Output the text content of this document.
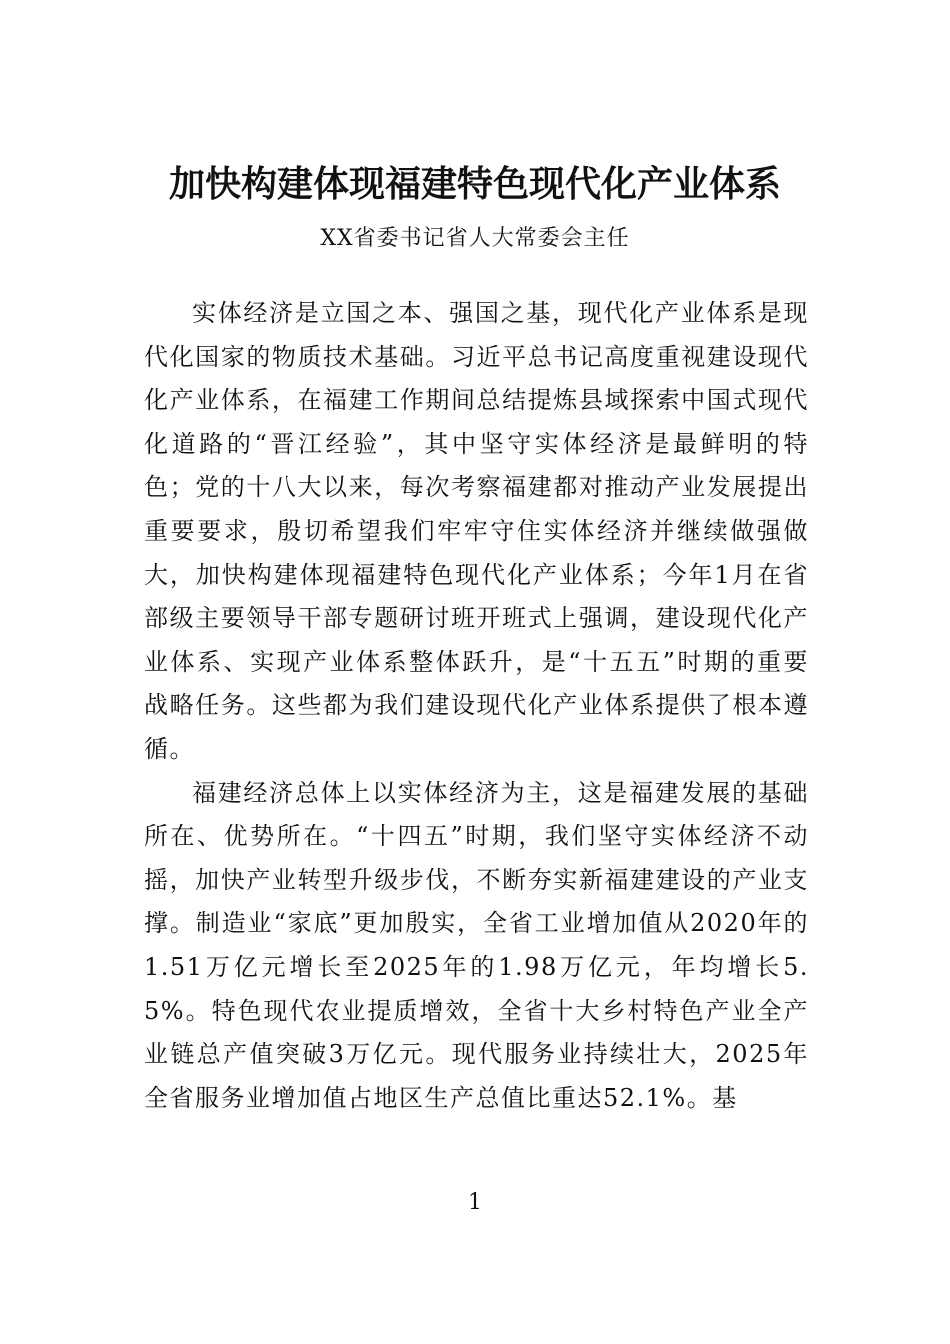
加快构建体现福建特色现代化产业体系
XX省委书记省人大常委会主任

实体经济是立国之本、强国之基，现代化产业体系是现代化国家的物质技术基础。习近平总书记高度重视建设现代化产业体系，在福建工作期间总结提炼县域探索中国式现代化道路的“晋江经验”，其中坚守实体经济是最鲜明的特色；党的十八大以来，每次考察福建都对推动产业发展提出重要要求，殷切希望我们牢牢守住实体经济并继续做强做大，加快构建体现福建特色现代化产业体系；今年1月在省部级主要领导干部专题研讨班开班式上强调，建设现代化产业体系、实现产业体系整体跃升，是“十五五”时期的重要战略任务。这些都为我们建设现代化产业体系提供了根本遵循。

福建经济总体上以实体经济为主，这是福建发展的基础所在、优势所在。“十四五”时期，我们坚守实体经济不动摇，加快产业转型升级步伐，不断夯实新福建建设的产业支撑。制造业“家底”更加殷实，全省工业增加值从2020年的1.51万亿元增长至2025年的1.98万亿元，年均增长5.5%。特色现代农业提质增效，全省十大乡村特色产业全产业链总产值突破3万亿元。现代服务业持续壮大，2025年全省服务业增加值占地区生产总值比重达52.1%。基

1
